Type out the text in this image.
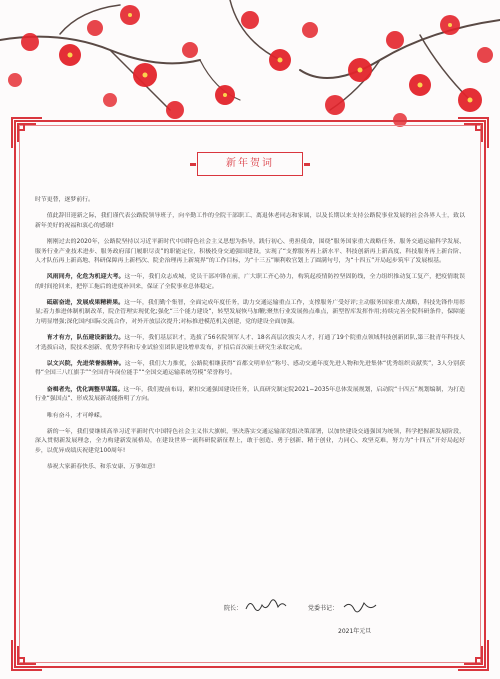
新年贺词

时节更替，逐梦前行。

值此辞旧迎新之际，我们谨代表公路院领导班子，向辛勤工作的全院干部职工、离退休老同志和家属，以及长期以来支持公路院事业发展的社会各界人士，致以新年美好的祝福和衷心的感谢!

刚刚过去的2020年，公路院坚持以习近平新时代中国特色社会主义思想为指导，践行初心、勇担使命，围绕“服务国家重大战略任务、服务交通运输科学发展、服务行业产业技术进步、服务政府部门履职尽责”的职能定位，积极投身交通强国建设，实现了“支撑服务再上新水平、科技创新再上新高度、科技服务再上新台阶、人才队伍再上新高地、科研保障再上新档次、院企治理再上新境界”的工作目标，为“十三五”顺利收官划上了圆满句号，为“十四五”开局起步筑牢了发展根基。

风雨同舟，化危为机迎大考。这一年，我们众志成城，党员干部冲锋在前，广大职工齐心协力，构筑起疫情防控坚固防线，全力组织推动复工复产，把疫情耽误的时间抢回来，把停工拖后的进度补回来，保证了全院事业总体稳定。

砥砺奋进，发展成果精耕果。这一年，我们勤个集智，全面完成年度任务，助力交通运输重点工作，支撑服务广受好评;主动服务国家重大战略，科技先锋作用彰显;着力推进体制机制改革，院企管理实现优化;强化“三个能力建设”，转型发展恢马加鞭;聚焦行业发展热点难点，新型智库发挥作用;持续完善全院科研条件，保障能力明显增强;深化国内国际交流合作，对外开放层次提升;对标推进模范机关创建，党的建设全面加强。

育才有方，队伍建设新鼓力。这一年，我们基层识才，选拔了56名院领军人才、18名高层次拔尖人才，打通了19个院重点领域科技创新团队,第三批青年科技人才选拔启动，院技术创新、优势学科和专业试验室团队建设增单发布，扩招后首次硕士研究生录取完成。

以文兴院，先进荣誉振精神。这一年，我们大力推优，公路院相继获得“首都文明单位”称号、感动交通年度先进人物和先进集体“优秀组织贡献奖”，3人分别获得“全国三八红旗手”“全国青年岗位能手”“全国交通运输系统劳模”荣誉称号。

奋楫者先，优化调整早谋篇。这一年，我们提前布局，紧扣交通强国建设任务，认真研究制定院2021−2035年总体发展规划，启动院“十四五”规划编制，为打造行业“强国点”、形成发展新动能指明了方向。

唯有奋斗，才可峥嵘。

新的一年，我们要继续高举习近平新时代中国特色社会主义伟大旗帜，坚决落实交通运输部党组决策部署，以加快建设交通强国为统领，科学把握新发展阶段，深入贯彻新发展理念，全力构建新发展格局，在建设世界一流科研院新征程上，敢于创造、勇于创新、精于创业，力同心、攻坚克难，努力为“十四五”开好局起好步，以优异成绩庆祝建党100周年!

恭祝大家新春快乐、和乐安康、万事如意!

院长：	党委书记：
2021年元旦
